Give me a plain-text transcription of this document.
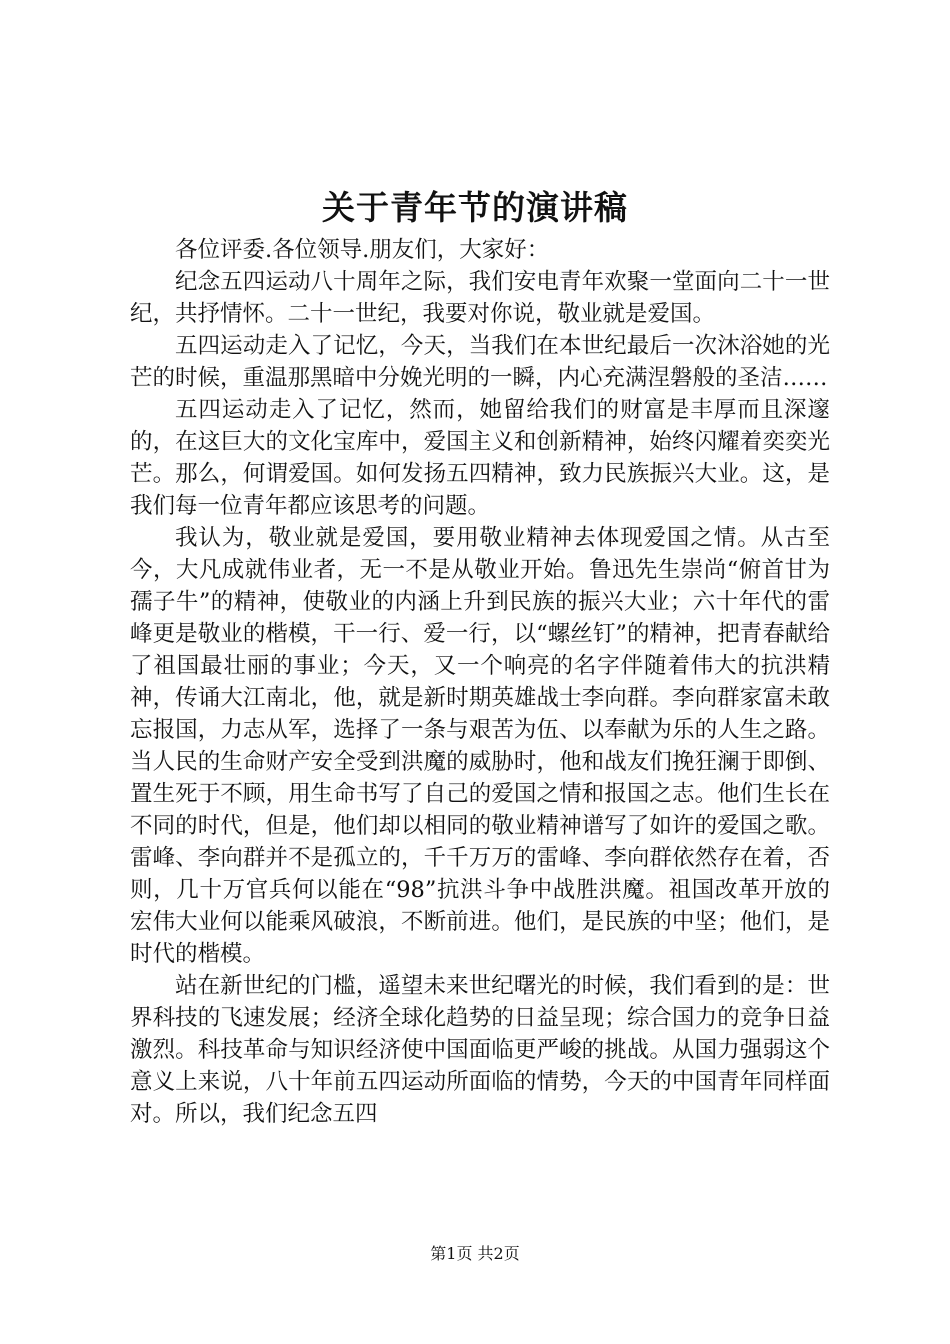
关于青年节的演讲稿

各位评委.各位领导.朋友们，大家好：

纪念五四运动八十周年之际，我们安电青年欢聚一堂面向二十一世纪，共抒情怀。二十一世纪，我要对你说，敬业就是爱国。

五四运动走入了记忆，今天，当我们在本世纪最后一次沐浴她的光芒的时候，重温那黑暗中分娩光明的一瞬，内心充满涅磐般的圣洁……

五四运动走入了记忆，然而，她留给我们的财富是丰厚而且深邃的，在这巨大的文化宝库中，爱国主义和创新精神，始终闪耀着奕奕光芒。那么，何谓爱国。如何发扬五四精神，致力民族振兴大业。这，是我们每一位青年都应该思考的问题。

我认为，敬业就是爱国，要用敬业精神去体现爱国之情。从古至今，大凡成就伟业者，无一不是从敬业开始。鲁迅先生崇尚“俯首甘为孺子牛”的精神，使敬业的内涵上升到民族的振兴大业；六十年代的雷峰更是敬业的楷模，干一行、爱一行，以“螺丝钉”的精神，把青春献给了祖国最壮丽的事业；今天，又一个响亮的名字伴随着伟大的抗洪精神，传诵大江南北，他，就是新时期英雄战士李向群。李向群家富未敢忘报国，力志从军，选择了一条与艰苦为伍、以奉献为乐的人生之路。当人民的生命财产安全受到洪魔的威胁时，他和战友们挽狂澜于即倒、置生死于不顾，用生命书写了自己的爱国之情和报国之志。他们生长在不同的时代，但是，他们却以相同的敬业精神谱写了如许的爱国之歌。雷峰、李向群并不是孤立的，千千万万的雷峰、李向群依然存在着，否则，几十万官兵何以能在“98”抗洪斗争中战胜洪魔。祖国改革开放的宏伟大业何以能乘风破浪，不断前进。他们，是民族的中坚；他们，是时代的楷模。

站在新世纪的门槛，遥望未来世纪曙光的时候，我们看到的是：世界科技的飞速发展；经济全球化趋势的日益呈现；综合国力的竞争日益激烈。科技革命与知识经济使中国面临更严峻的挑战。从国力强弱这个意义上来说，八十年前五四运动所面临的情势，今天的中国青年同样面对。所以，我们纪念五四

第1页 共2页
